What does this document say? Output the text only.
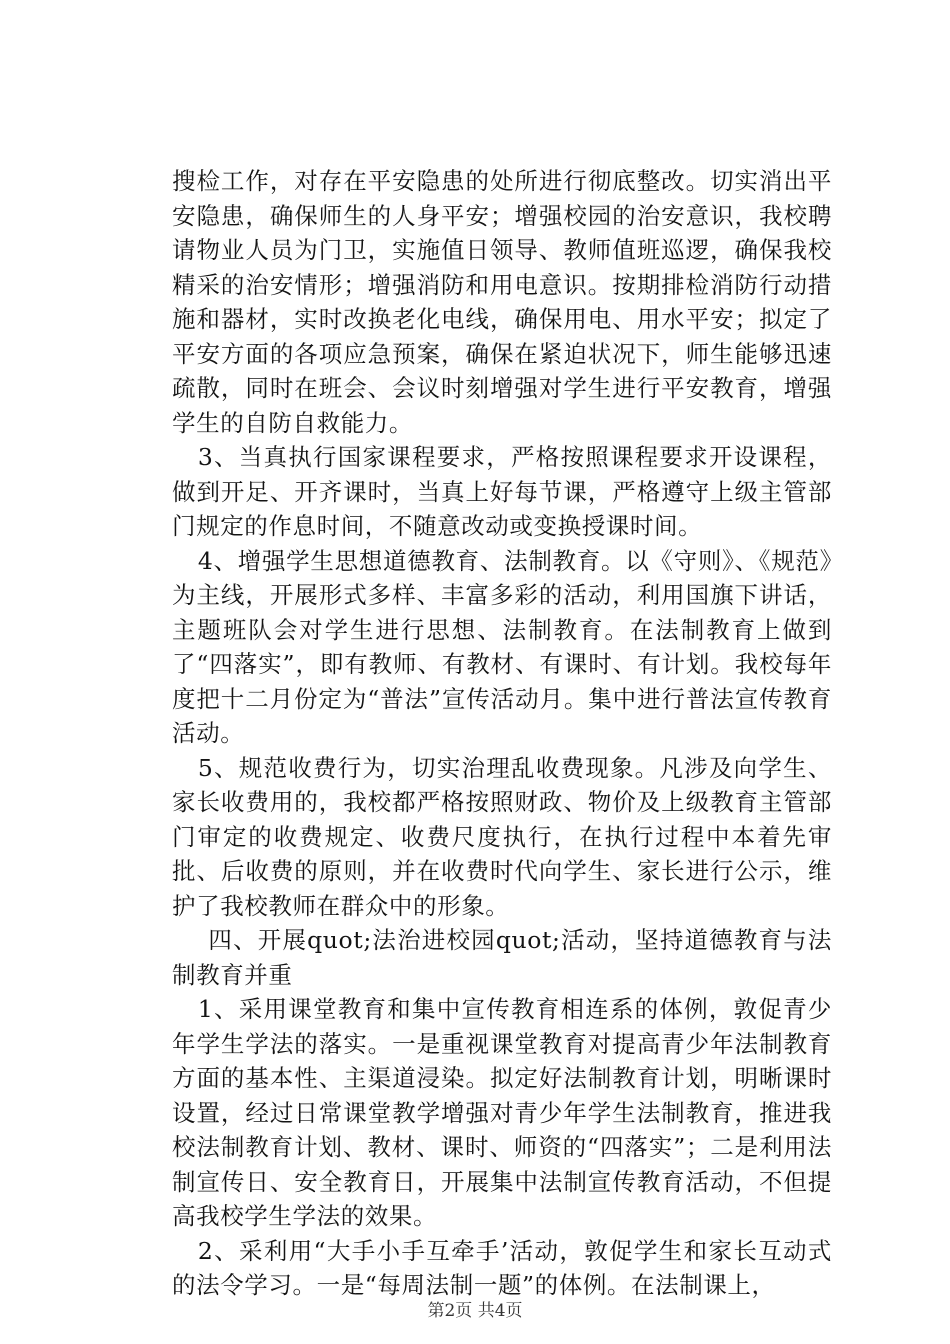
搜检工作，对存在平安隐患的处所进行彻底整改。切实消出平安隐患，确保师生的人身平安；增强校园的治安意识，我校聘请物业人员为门卫，实施值日领导、教师值班巡逻，确保我校精采的治安情形；增强消防和用电意识。按期排检消防行动措施和器材，实时改换老化电线，确保用电、用水平安；拟定了平安方面的各项应急预案，确保在紧迫状况下，师生能够迅速疏散，同时在班会、会议时刻增强对学生进行平安教育，增强学生的自防自救能力。

3、当真执行国家课程要求，严格按照课程要求开设课程，做到开足、开齐课时，当真上好每节课，严格遵守上级主管部门规定的作息时间，不随意改动或变换授课时间。

4、增强学生思想道德教育、法制教育。以《守则》、《规范》为主线，开展形式多样、丰富多彩的活动，利用国旗下讲话，主题班队会对学生进行思想、法制教育。在法制教育上做到了“四落实”，即有教师、有教材、有课时、有计划。我校每年度把十二月份定为“普法”宣传活动月。集中进行普法宣传教育活动。

5、规范收费行为，切实治理乱收费现象。凡涉及向学生、家长收费用的，我校都严格按照财政、物价及上级教育主管部门审定的收费规定、收费尺度执行，在执行过程中本着先审批、后收费的原则，并在收费时代向学生、家长进行公示，维护了我校教师在群众中的形象。

四、开展quot;法治进校园quot;活动，坚持道德教育与法制教育并重

1、采用课堂教育和集中宣传教育相连系的体例，敦促青少年学生学法的落实。一是重视课堂教育对提高青少年法制教育方面的基本性、主渠道浸染。拟定好法制教育计划，明晰课时设置，经过日常课堂教学增强对青少年学生法制教育，推进我校法制教育计划、教材、课时、师资的“四落实”；二是利用法制宣传日、安全教育日，开展集中法制宣传教育活动，不但提高我校学生学法的效果。

2、采利用“大手小手互牵手’活动，敦促学生和家长互动式的法令学习。一是“每周法制一题”的体例。在法制课上，

第2页 共4页
